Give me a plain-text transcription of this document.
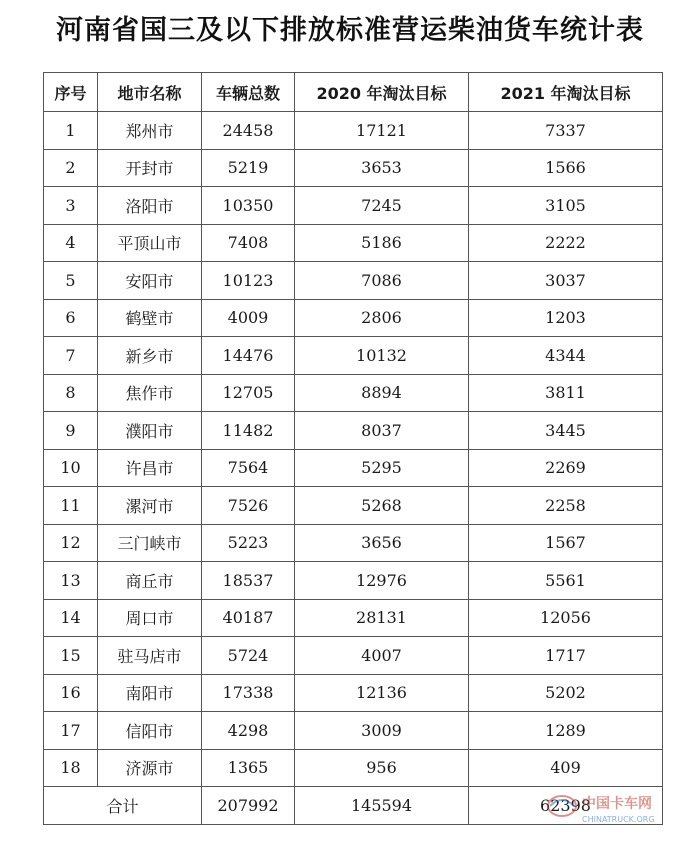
河南省国三及以下排放标准营运柴油货车统计表
序号	地市名称	车辆总数	2020 年淘汰目标	2021 年淘汰目标
1	郑州市	24458	17121	7337
2	开封市	5219	3653	1566
3	洛阳市	10350	7245	3105
4	平顶山市	7408	5186	2222
5	安阳市	10123	7086	3037
6	鹤壁市	4009	2806	1203
7	新乡市	14476	10132	4344
8	焦作市	12705	8894	3811
9	濮阳市	11482	8037	3445
10	许昌市	7564	5295	2269
11	漯河市	7526	5268	2258
12	三门峡市	5223	3656	1567
13	商丘市	18537	12976	5561
14	周口市	40187	28131	12056
15	驻马店市	5724	4007	1717
16	南阳市	17338	12136	5202
17	信阳市	4298	3009	1289
18	济源市	1365	956	409
合计		207992	145594	62398
中国卡车网
CHINATRUCK.ORG
